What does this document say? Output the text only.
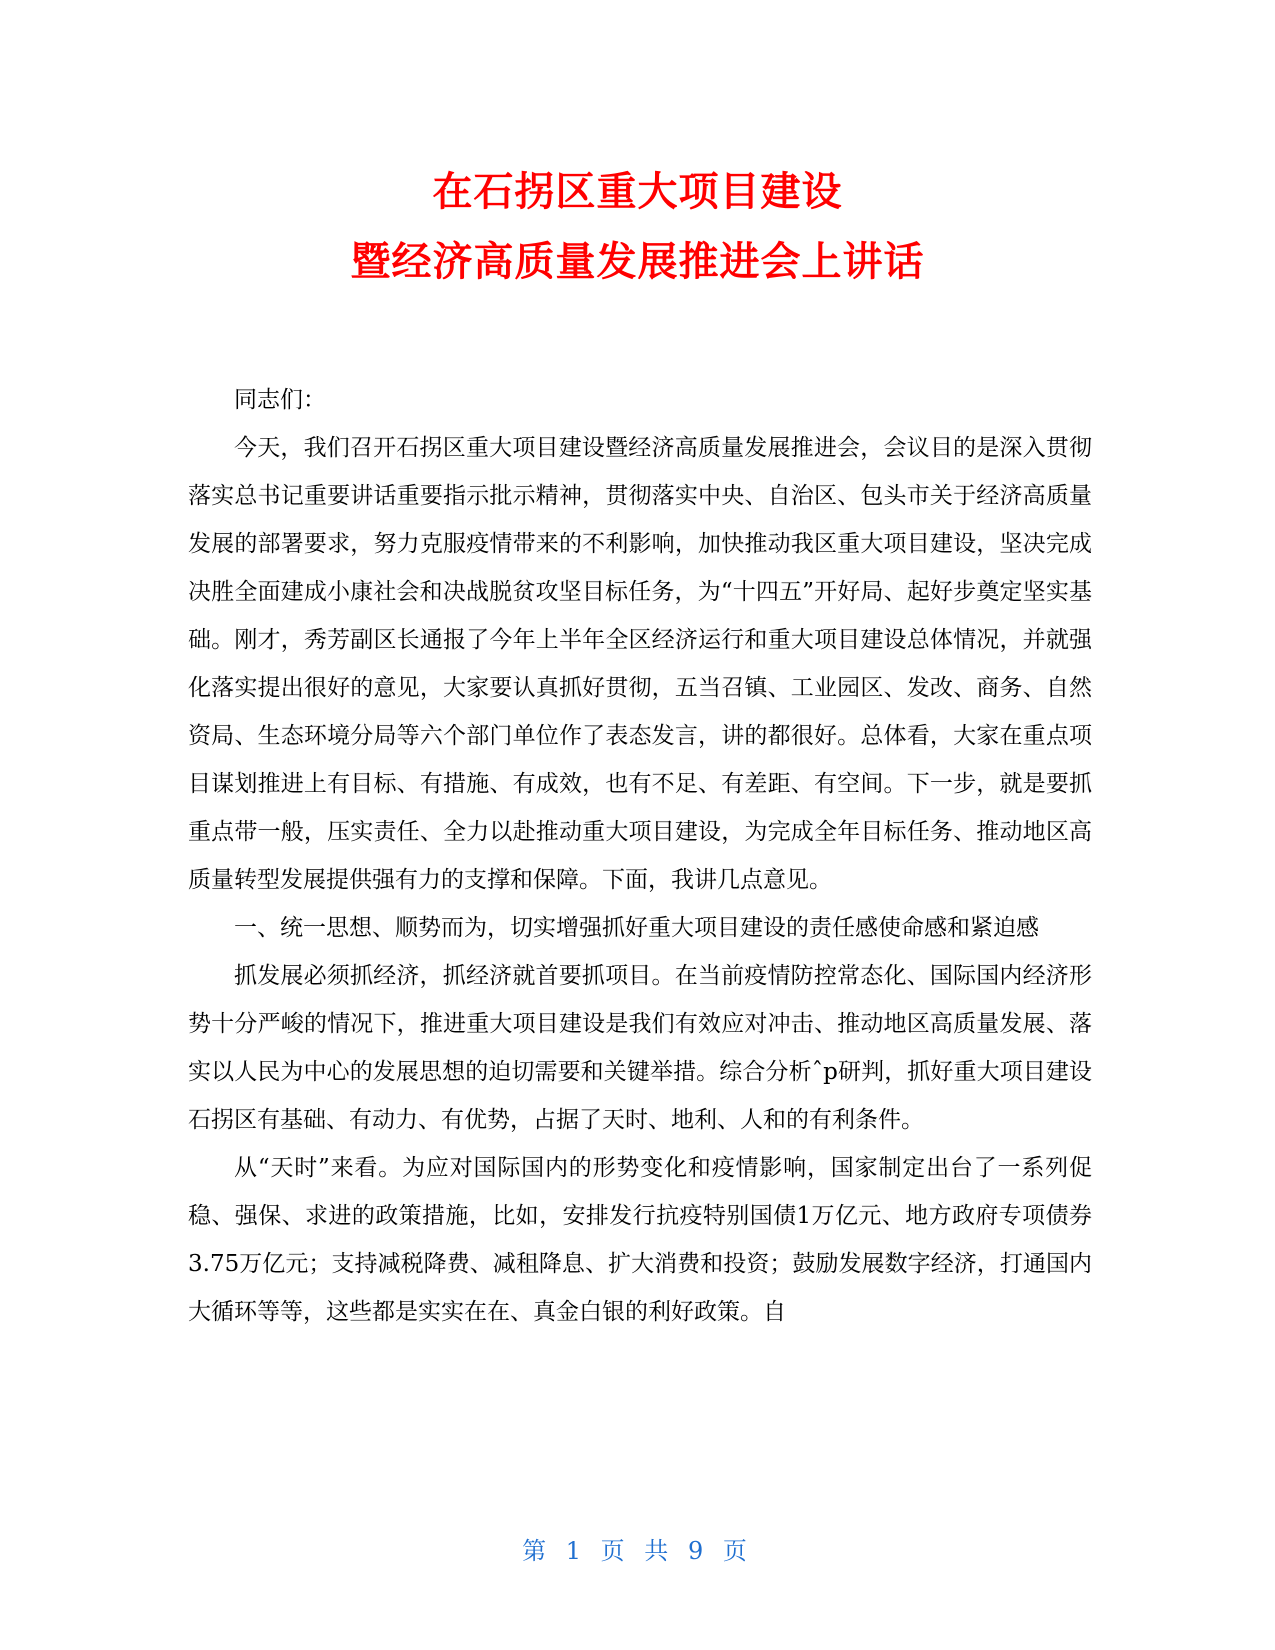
在石拐区重大项目建设
暨经济高质量发展推进会上讲话

同志们：

今天，我们召开石拐区重大项目建设暨经济高质量发展推进会，会议目的是深入贯彻落实总书记重要讲话重要指示批示精神，贯彻落实中央、自治区、包头市关于经济高质量发展的部署要求，努力克服疫情带来的不利影响，加快推动我区重大项目建设，坚决完成决胜全面建成小康社会和决战脱贫攻坚目标任务，为“十四五”开好局、起好步奠定坚实基础。刚才，秀芳副区长通报了今年上半年全区经济运行和重大项目建设总体情况，并就强化落实提出很好的意见，大家要认真抓好贯彻，五当召镇、工业园区、发改、商务、自然资局、生态环境分局等六个部门单位作了表态发言，讲的都很好。总体看，大家在重点项目谋划推进上有目标、有措施、有成效，也有不足、有差距、有空间。下一步，就是要抓重点带一般，压实责任、全力以赴推动重大项目建设，为完成全年目标任务、推动地区高质量转型发展提供强有力的支撑和保障。下面，我讲几点意见。

一、统一思想、顺势而为，切实增强抓好重大项目建设的责任感使命感和紧迫感

抓发展必须抓经济，抓经济就首要抓项目。在当前疫情防控常态化、国际国内经济形势十分严峻的情况下，推进重大项目建设是我们有效应对冲击、推动地区高质量发展、落实以人民为中心的发展思想的迫切需要和关键举措。综合分析ˆp研判，抓好重大项目建设石拐区有基础、有动力、有优势，占据了天时、地利、人和的有利条件。

从“天时”来看。为应对国际国内的形势变化和疫情影响，国家制定出台了一系列促稳、强保、求进的政策措施，比如，安排发行抗疫特别国债1万亿元、地方政府专项债券3.75万亿元；支持减税降费、减租降息、扩大消费和投资；鼓励发展数字经济，打通国内大循环等等，这些都是实实在在、真金白银的利好政策。自

第 1 页 共 9 页
